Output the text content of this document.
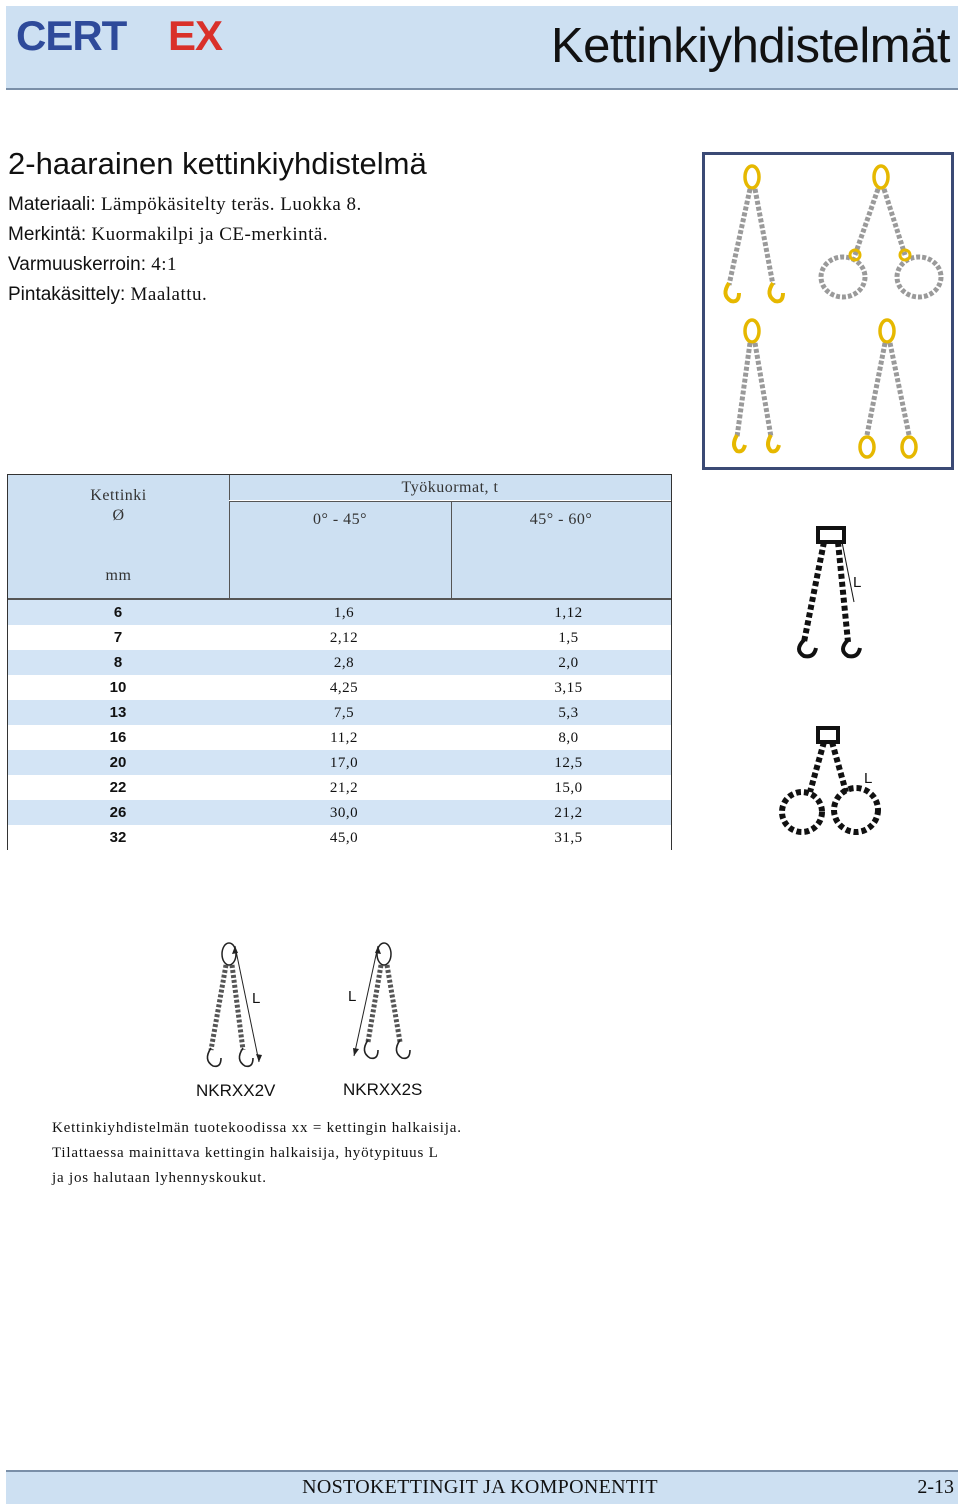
CERT EX	Kettinkiyhdistelmät
2-haarainen kettinkiyhdistelmä
Materiaali: Lämpökäsitelty teräs. Luokka 8.
Merkintä: Kuormakilpi ja CE-merkintä.
Varmuuskerroin: 4:1
Pintakäsittely: Maalattu.
Kettinki
Ø
mm
Työkuormat, t
0° - 45°	45° - 60°
6	1,6	1,12
7	2,12	1,5
8	2,8	2,0
10	4,25	3,15
13	7,5	5,3
16	11,2	8,0
20	17,0	12,5
22	21,2	15,0
26	30,0	21,2
32	45,0	31,5
L
L
L	L
NKRXX2V	NKRXX2S
Kettinkiyhdistelmän tuotekoodissa xx = kettingin halkaisija.
Tilattaessa mainittava kettingin halkaisija, hyötypituus L
ja jos halutaan lyhennyskoukut.
NOSTOKETTINGIT JA KOMPONENTIT	2-13
